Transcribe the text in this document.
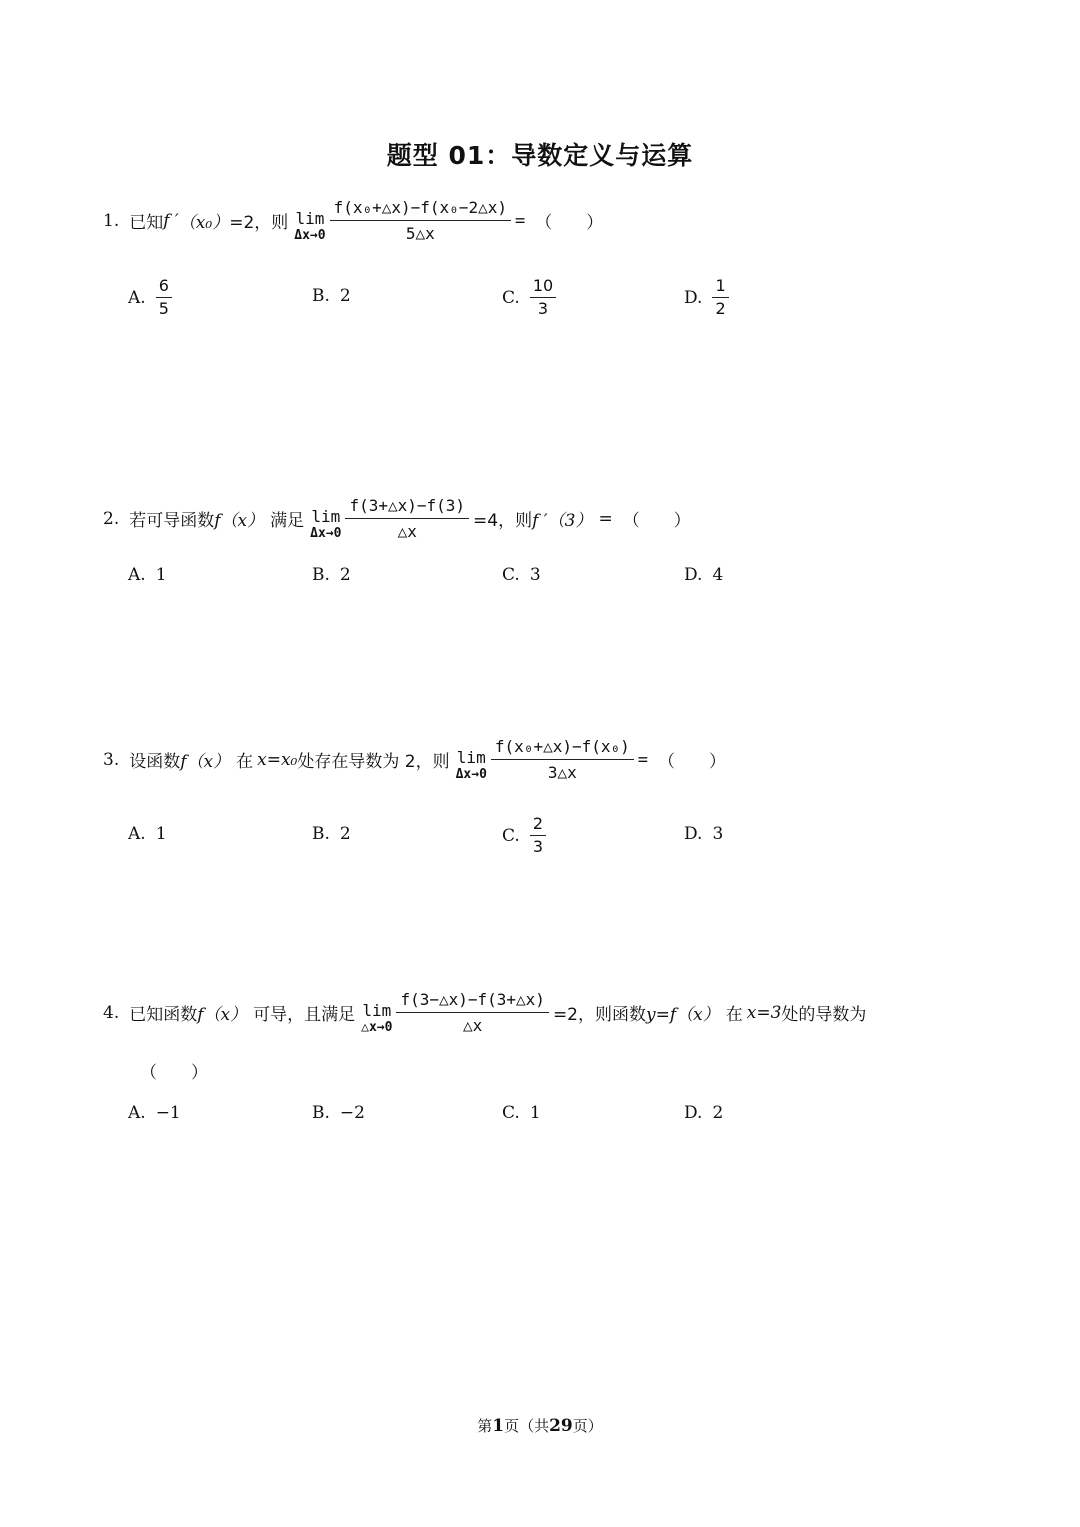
题型 01：导数定义与运算
1. 已知 f ′ （x₀） =2，则 lim
$\Delta x\to 0 \frac{\text{f(x₀+△x)−f(x₀−2△x)}}{5\triangle x}$ = （　　）
A.
6
5
B. 2	C.
10
3
D.
1
2
2. 若可导函数 f（x） 满足 lim
$\Delta x\to 0 \frac{f(3+\triangle x)-f(3)}{\triangle x} =4$，则 f ′（3） = （　　）
A. 1	B. 2	C. 3	D. 4
3. 设函数 f（x） 在 x=x₀ 处存在导数为 2，则 lim
$\Delta x\to 0 \frac{\text{f(x₀+△x)−f(x₀)}}{3\triangle x}$ = （　　）
A. 1	B. 2	C.
2
3
D. 3
4. 已知函数 f（x） 可导，且满足 lim
△x→0 $\frac{f(3-\triangle x)-f(3+\triangle x)}{\triangle x} =2$，则函数 y=f（x） 在 x=3 处的导数为
（　　）
A. −1	B. −2	C. 1	D. 2
第1页（共29页）
